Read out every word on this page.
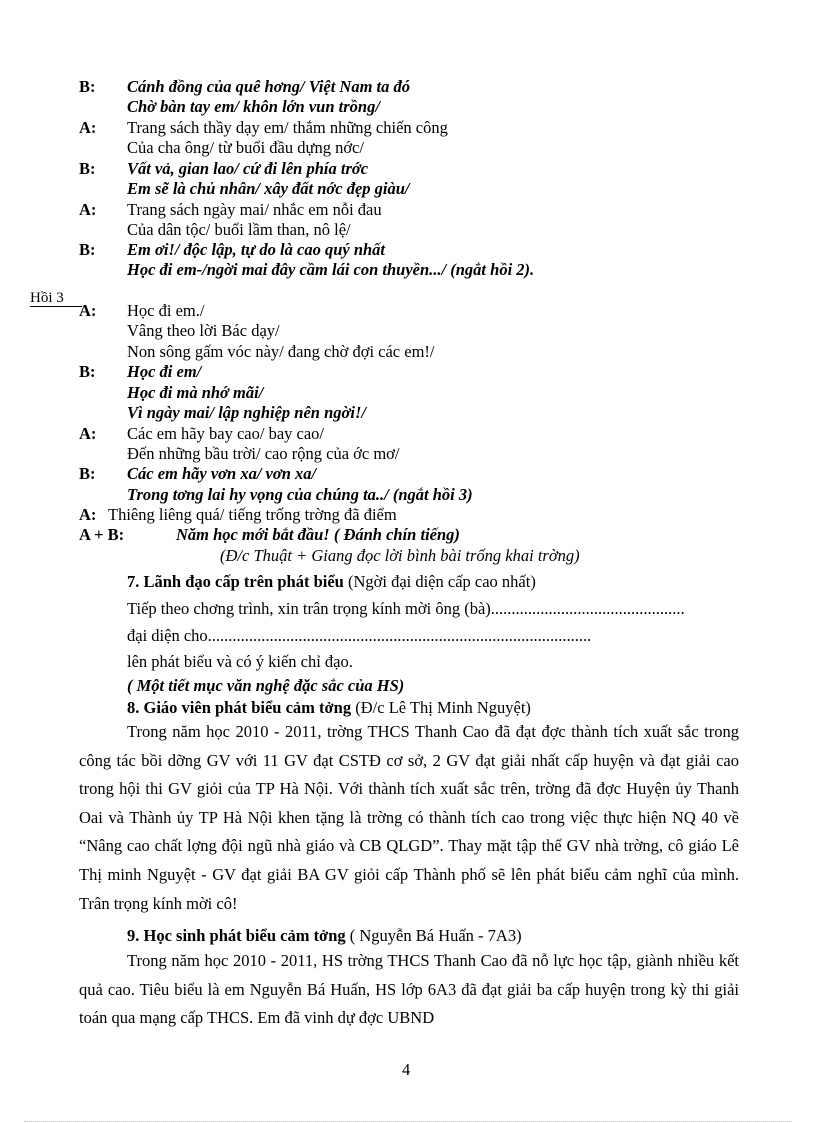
B: Cánh đồng của quê hơng/ Việt Nam ta đó
Chờ bàn tay em/ khôn lớn vun trồng/
A: Trang sách thầy dạy em/ thắm những chiến công
Của cha ông/ từ buổi đầu dựng nớc/
B: Vất vả, gian lao/ cứ đi lên phía trớc
Em sẽ là chủ nhân/ xây đất nớc đẹp giàu/
A: Trang sách ngày mai/ nhắc em nỗi đau
Của dân tộc/ buổi lầm than, nô lệ/
B: Em ơi!/ độc lập, tự do là cao quý nhất
Học đi em-/ngời mai đây cầm lái con thuyền.../ (ngắt hồi 2).
Hồi 3
A: Học đi em./
Vâng theo lời Bác dạy/
Non sông gấm vóc này/ đang chờ đợi các em!/
B: Học đi em/
Học đi mà nhớ mãi/
Vì ngày mai/ lập nghiệp nên ngời!/
A: Các em hãy bay cao/ bay cao/
Đến những bầu trời/ cao rộng của ớc mơ/
B: Các em hãy vơn xa/ vơn xa/
Trong tơng lai hy vọng của chúng ta../ (ngắt hồi 3)
A: Thiêng liêng quá/ tiếng trống trờng đã điểm
A + B:	Năm học mới bắt đầu! ( Đánh chín tiếng)
(Đ/c Thuật + Giang đọc lời bình bài trống khai trờng)
7. Lãnh đạo cấp trên phát biểu (Ngời đại diện cấp cao nhất)
Tiếp theo chơng trình, xin trân trọng kính mời ông (bà)...............................................
đại diện cho.............................................................................................
lên phát biểu và có ý kiến chỉ đạo.
( Một tiết mục văn nghệ đặc sắc của HS)
8. Giáo viên phát biểu cảm tởng (Đ/c Lê Thị Minh Nguyệt)
Trong năm học 2010 - 2011, trờng THCS Thanh Cao đã đạt đợc thành tích xuất sắc trong công tác bồi dỡng GV với 11 GV đạt CSTĐ cơ sở, 2 GV đạt giải nhất cấp huyện và đạt giải cao trong hội thi GV giỏi của TP Hà Nội. Với thành tích xuất sắc trên, trờng đã đợc Huyện ủy Thanh Oai và Thành ủy TP Hà Nội khen tặng là trờng có thành tích cao trong việc thực hiện NQ 40 về “Nâng cao chất lợng đội ngũ nhà giáo và CB QLGD”. Thay mặt tập thể GV nhà trờng, cô giáo Lê Thị minh Nguyệt - GV đạt giải BA GV giỏi cấp Thành phố sẽ lên phát biểu cảm nghĩ của mình. Trân trọng kính mời cô!
9. Học sinh phát biểu cảm tởng ( Nguyễn Bá Huấn - 7A3)
Trong năm học 2010 - 2011, HS trờng THCS Thanh Cao đã nỗ lực học tập, giành nhiều kết quả cao. Tiêu biểu là em Nguyễn Bá Huấn, HS lớp 6A3 đã đạt giải ba cấp huyện trong kỳ thi giải toán qua mạng cấp THCS. Em đã vinh dự đợc UBND
4
